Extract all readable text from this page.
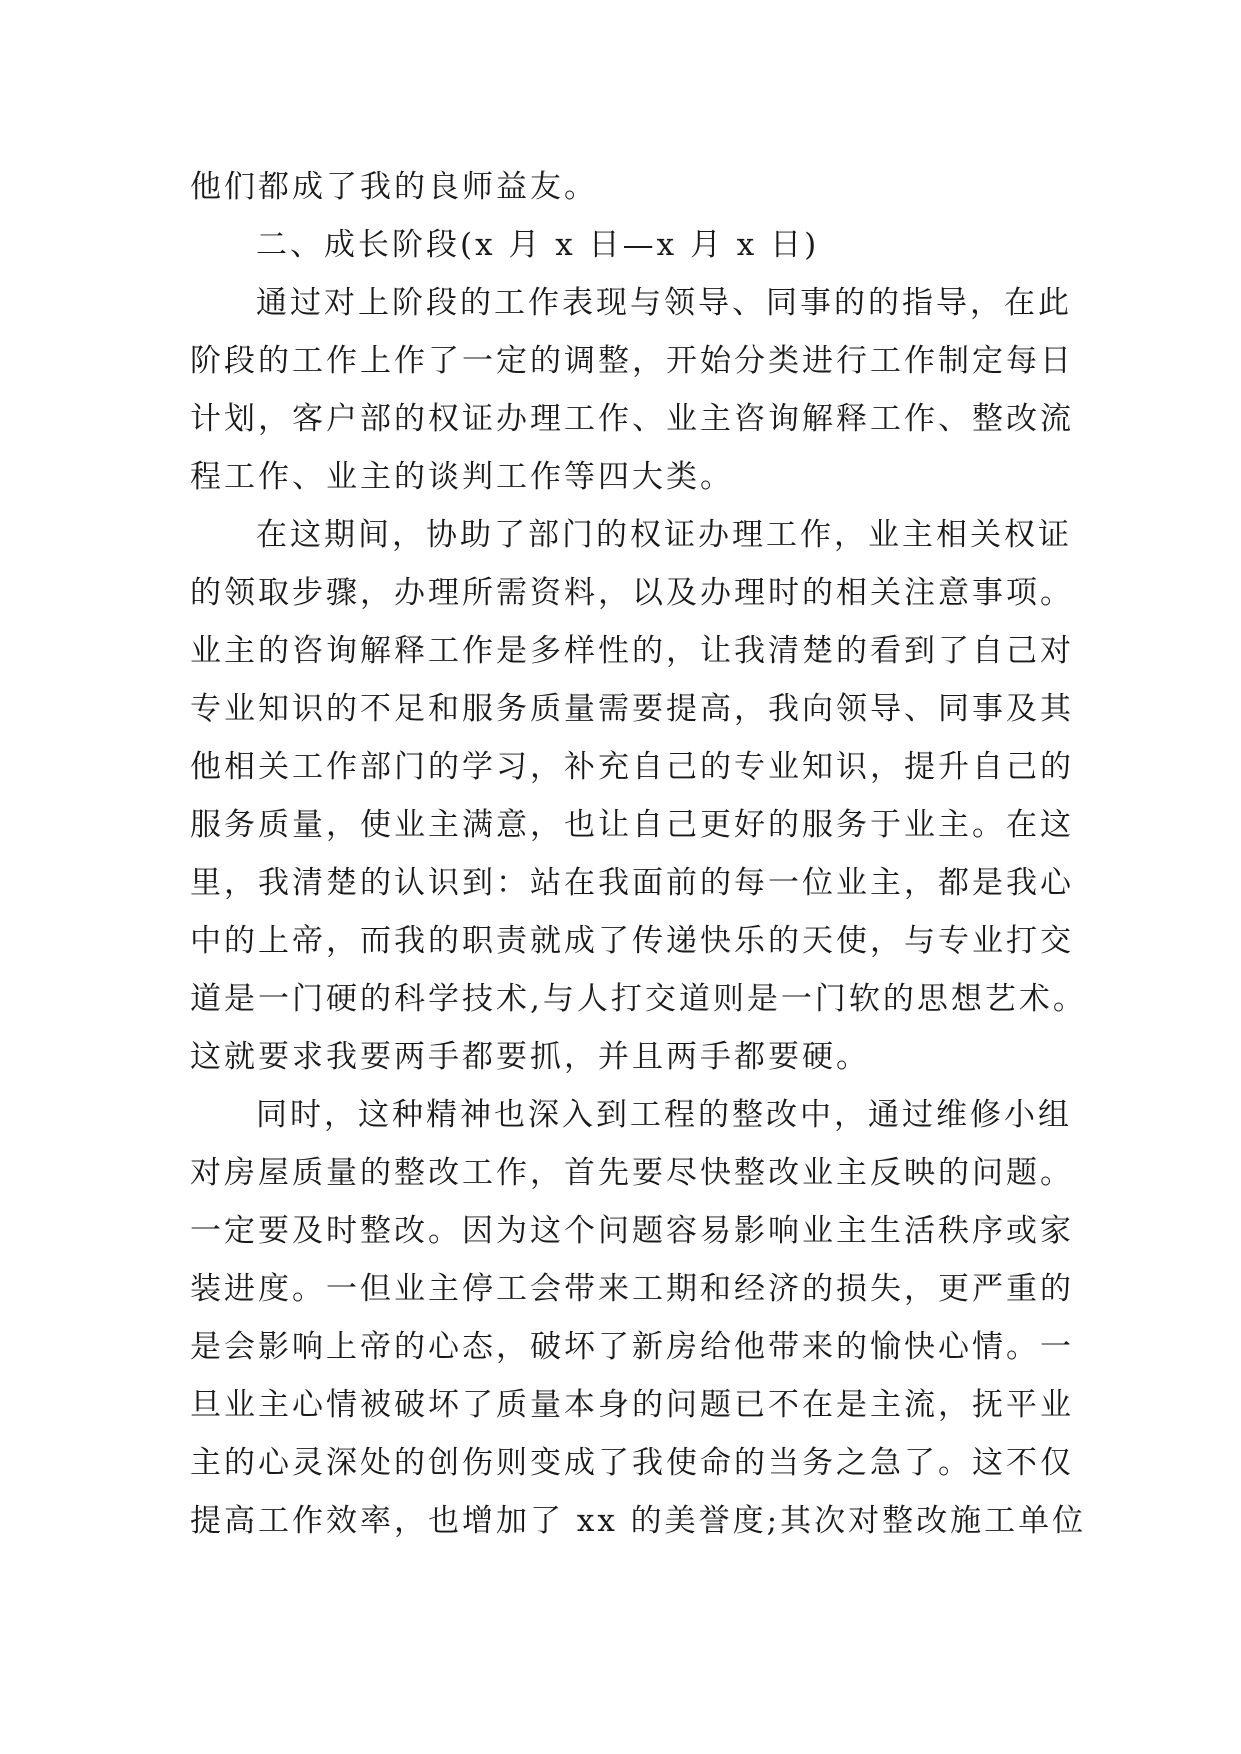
他们都成了我的良师益友。
二、成长阶段(x 月 x 日—x 月 x 日)
通过对上阶段的工作表现与领导、同事的的指导，在此
阶段的工作上作了一定的调整，开始分类进行工作制定每日
计划，客户部的权证办理工作、业主咨询解释工作、整改流
程工作、业主的谈判工作等四大类。
在这期间，协助了部门的权证办理工作，业主相关权证
的领取步骤，办理所需资料，以及办理时的相关注意事项。
业主的咨询解释工作是多样性的，让我清楚的看到了自己对
专业知识的不足和服务质量需要提高，我向领导、同事及其
他相关工作部门的学习，补充自己的专业知识，提升自己的
服务质量，使业主满意，也让自己更好的服务于业主。在这
里，我清楚的认识到：站在我面前的每一位业主，都是我心
中的上帝，而我的职责就成了传递快乐的天使，与专业打交
道是一门硬的科学技术,与人打交道则是一门软的思想艺术。
这就要求我要两手都要抓，并且两手都要硬。
同时，这种精神也深入到工程的整改中，通过维修小组
对房屋质量的整改工作，首先要尽快整改业主反映的问题。
一定要及时整改。因为这个问题容易影响业主生活秩序或家
装进度。一但业主停工会带来工期和经济的损失，更严重的
是会影响上帝的心态，破坏了新房给他带来的愉快心情。一
旦业主心情被破坏了质量本身的问题已不在是主流，抚平业
主的心灵深处的创伤则变成了我使命的当务之急了。这不仅
提高工作效率，也增加了 xx 的美誉度;其次对整改施工单位
